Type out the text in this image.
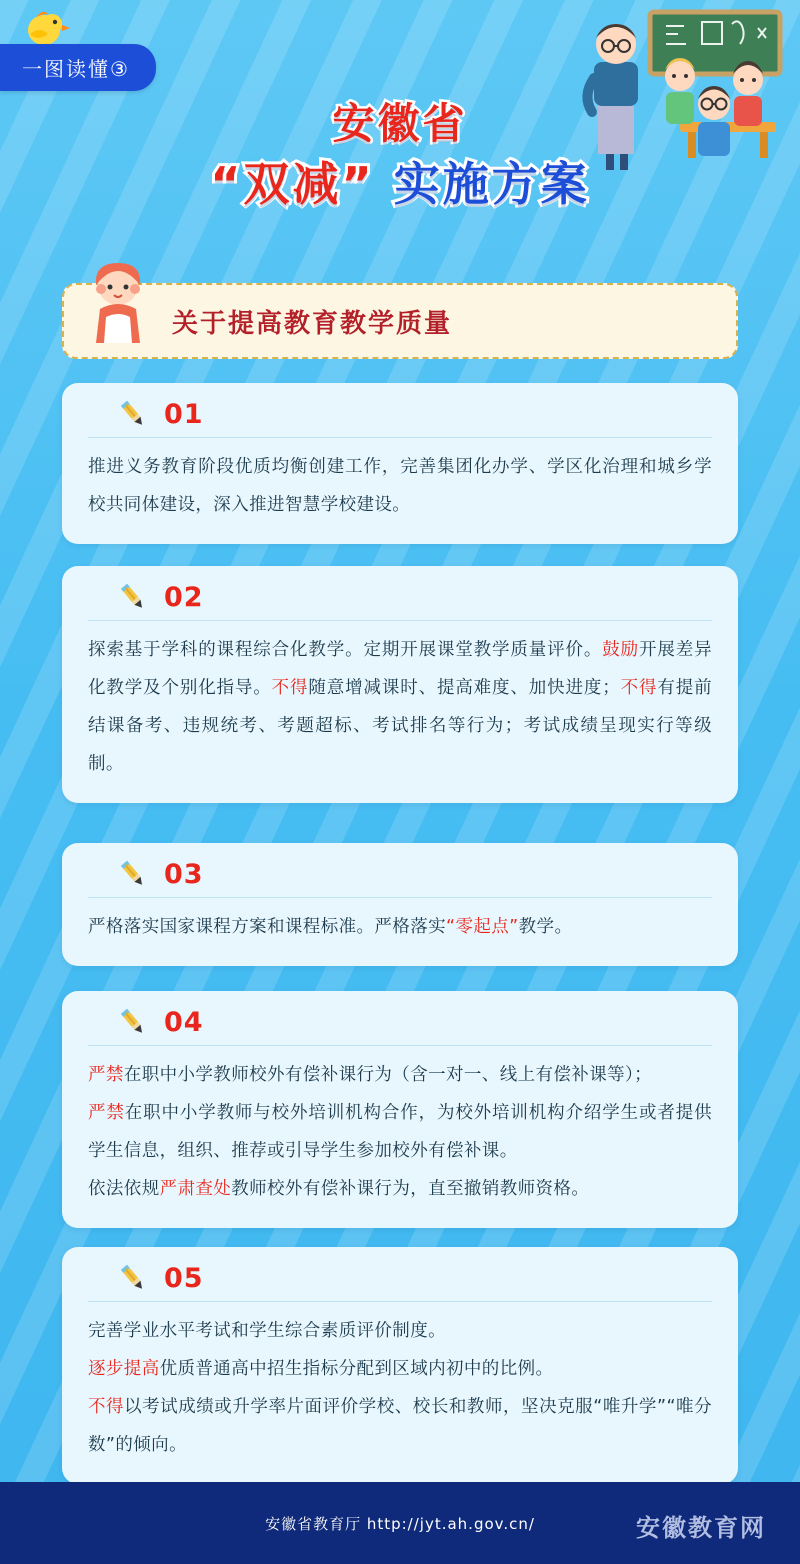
一图读懂③
安徽省
“双减” 实施方案
关于提高教育教学质量
01

推进义务教育阶段优质均衡创建工作，完善集团化办学、学区化治理和城乡学校共同体建设，深入推进智慧学校建设。

02

探索基于学科的课程综合化教学。定期开展课堂教学质量评价。鼓励开展差异化教学及个别化指导。不得随意增减课时、提高难度、加快进度；不得有提前结课备考、违规统考、考题超标、考试排名等行为；考试成绩呈现实行等级制。

03

严格落实国家课程方案和课程标准。严格落实“零起点”教学。

04

严禁在职中小学教师校外有偿补课行为（含一对一、线上有偿补课等）；

严禁在职中小学教师与校外培训机构合作，为校外培训机构介绍学生或者提供学生信息，组织、推荐或引导学生参加校外有偿补课。

依法依规严肃查处教师校外有偿补课行为，直至撤销教师资格。

05

完善学业水平考试和学生综合素质评价制度。

逐步提高优质普通高中招生指标分配到区域内初中的比例。

不得以考试成绩或升学率片面评价学校、校长和教师，坚决克服“唯升学”“唯分数”的倾向。

安徽省教育厅 http://jyt.ah.gov.cn/	安徽教育网
